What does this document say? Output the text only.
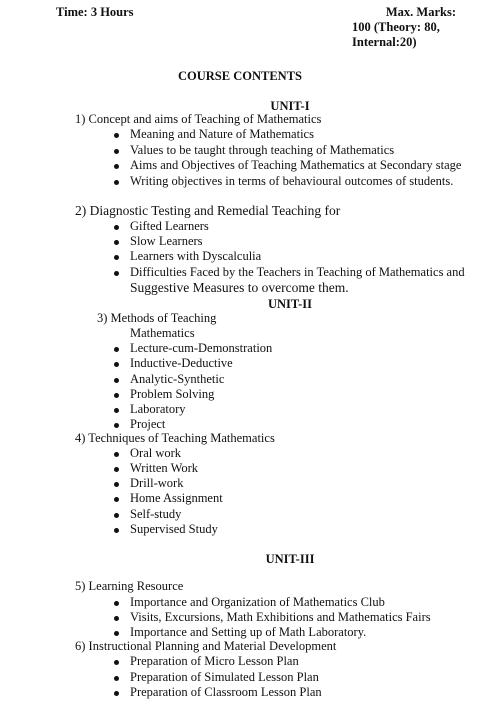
Time: 3 Hours	Max. Marks:
100 (Theory: 80,
Internal:20)
COURSE CONTENTS
UNIT-I
1) Concept and aims of Teaching of Mathematics
Meaning and Nature of Mathematics
Values to be taught through teaching of Mathematics
Aims and Objectives of Teaching Mathematics at Secondary stage
Writing objectives in terms of behavioural outcomes of students.
2) Diagnostic Testing and Remedial Teaching for
Gifted Learners
Slow Learners
Learners with Dyscalculia
Difficulties Faced by the Teachers in Teaching of Mathematics and
Suggestive Measures to overcome them.
UNIT-II
3) Methods of Teaching
Mathematics
Lecture-cum-Demonstration
Inductive-Deductive
Analytic-Synthetic
Problem Solving
Laboratory
Project
4) Techniques of Teaching Mathematics
Oral work
Written Work
Drill-work
Home Assignment
Self-study
Supervised Study
UNIT-III
5) Learning Resource
Importance and Organization of Mathematics Club
Visits, Excursions, Math Exhibitions and Mathematics Fairs
Importance and Setting up of Math Laboratory.
6) Instructional Planning and Material Development
Preparation of Micro Lesson Plan
Preparation of Simulated Lesson Plan
Preparation of Classroom Lesson Plan
